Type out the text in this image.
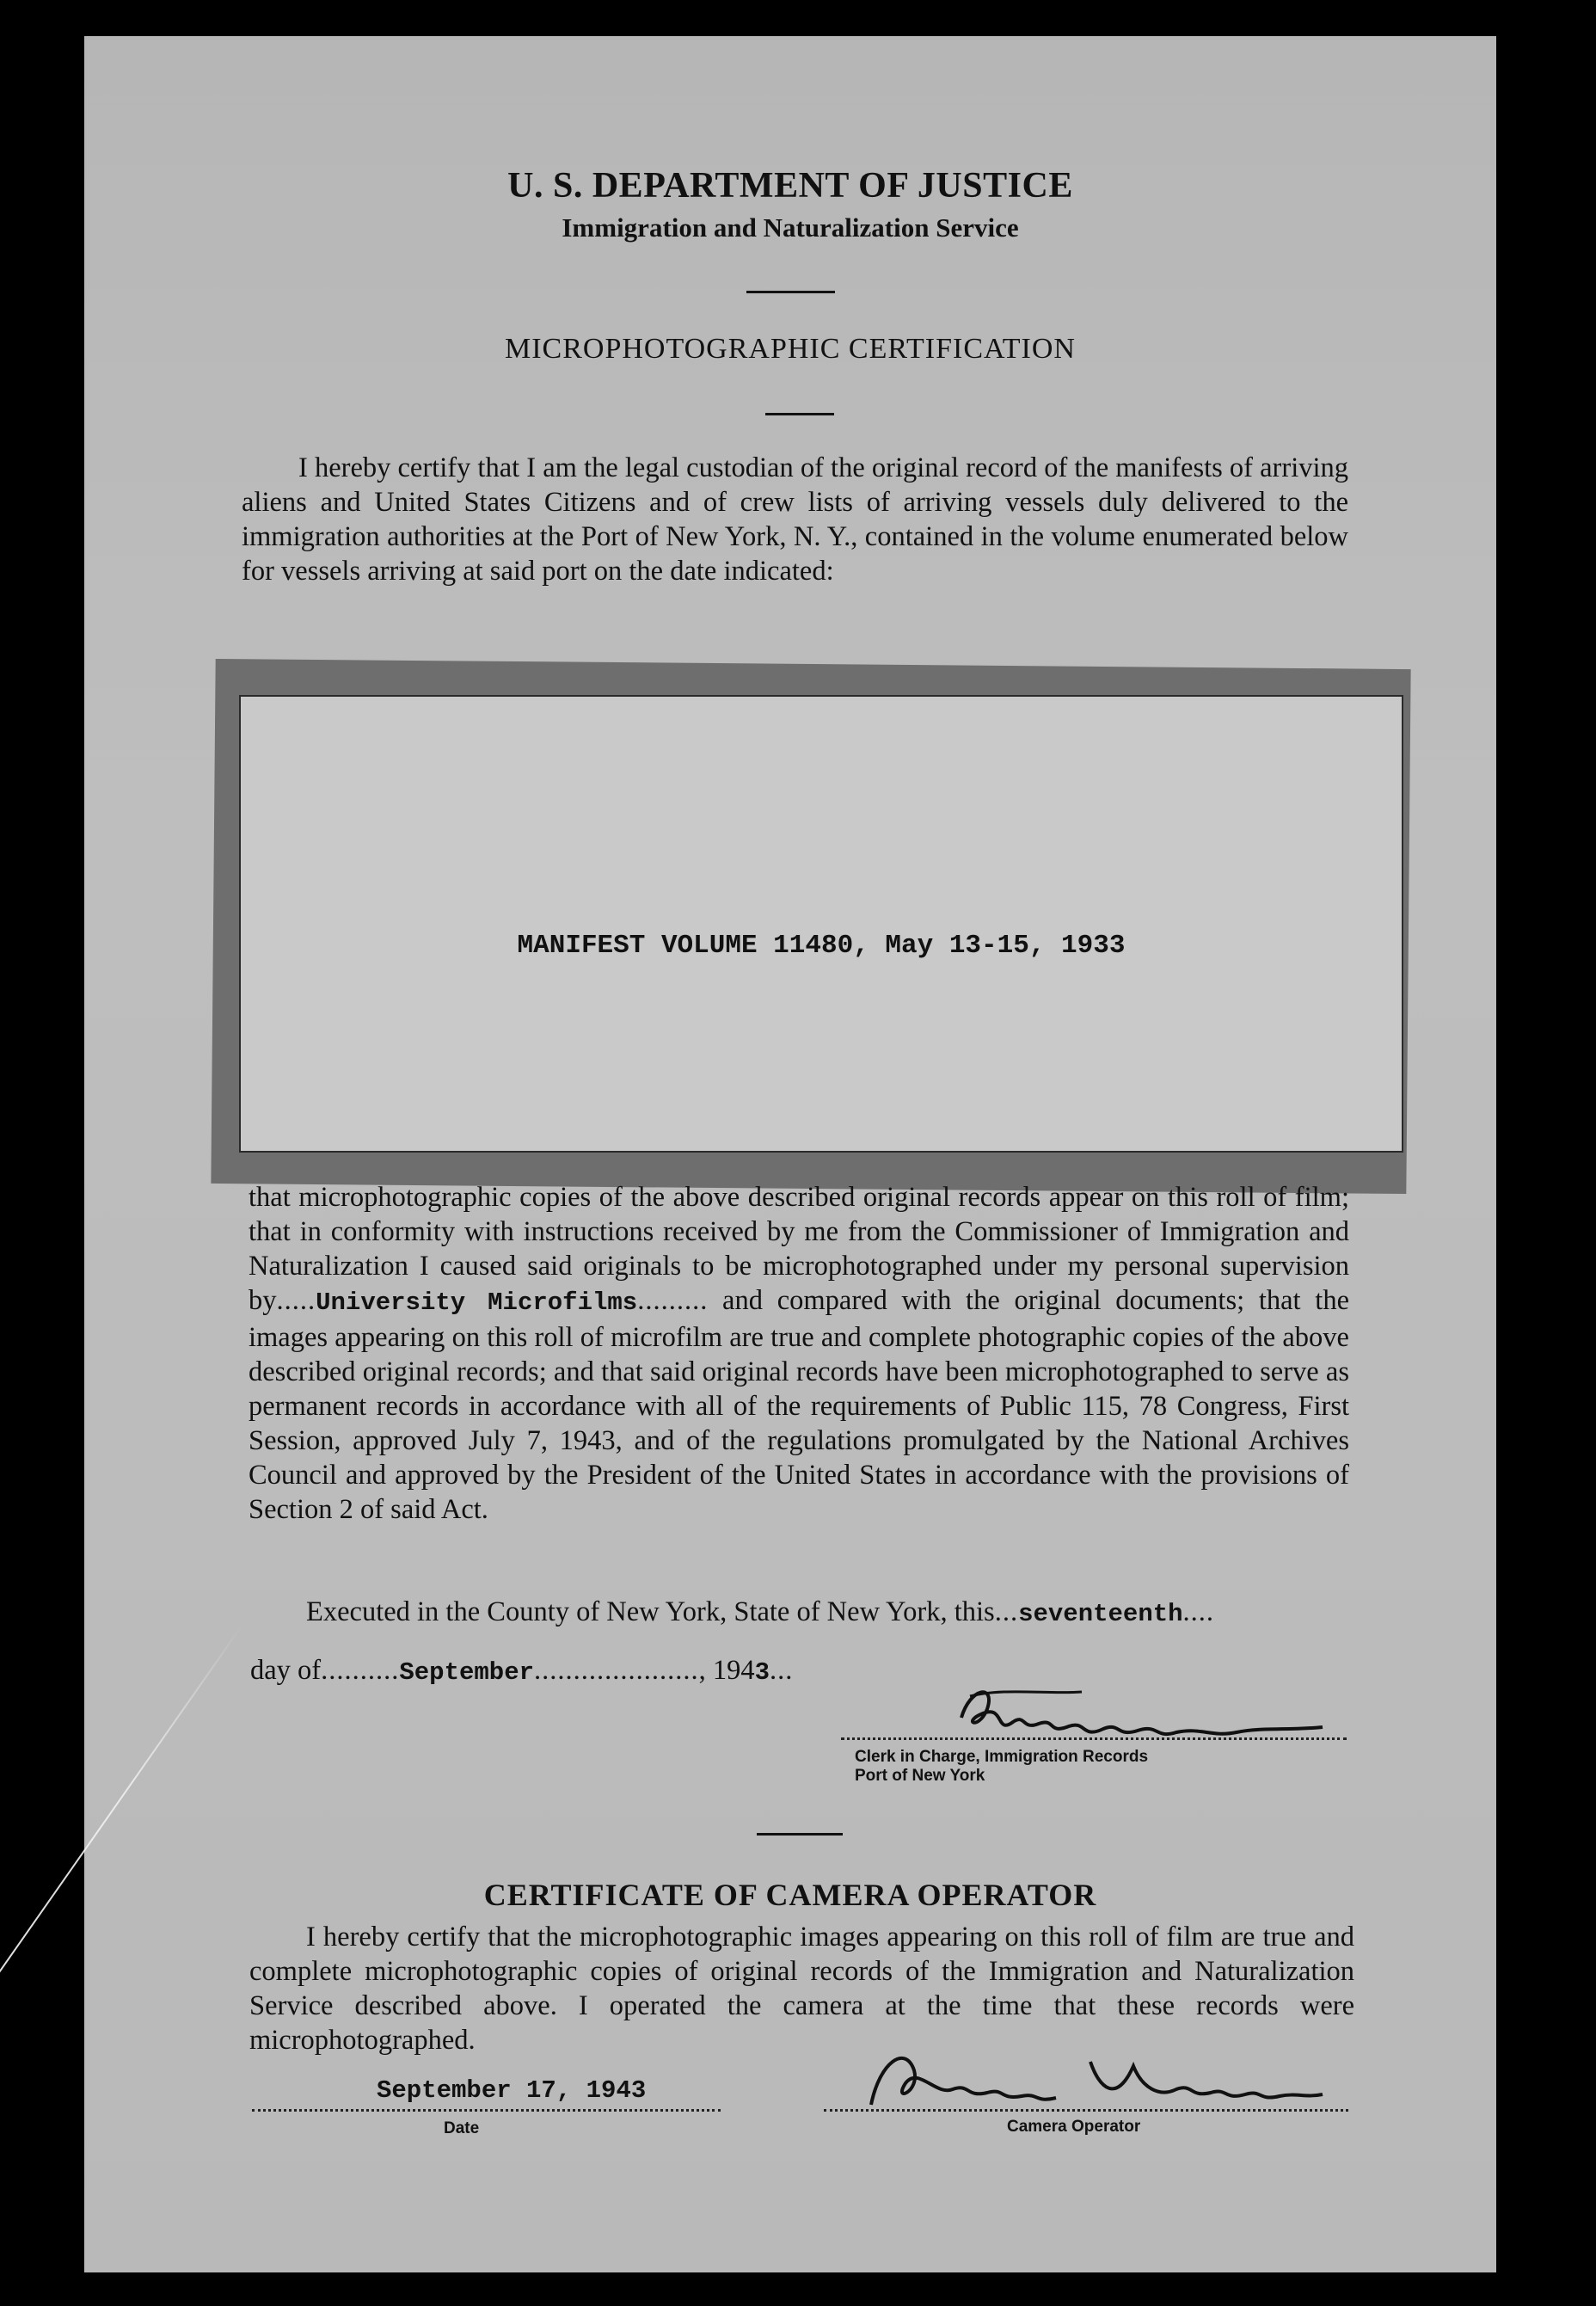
U. S. DEPARTMENT OF JUSTICE
Immigration and Naturalization Service
MICROPHOTOGRAPHIC CERTIFICATION

I hereby certify that I am the legal custodian of the original record of the manifests of arriving aliens and United States Citizens and of crew lists of arriving vessels duly delivered to the immigration authorities at the Port of New York, N. Y., contained in the volume enumerated below for vessels arriving at said port on the date indicated:

MANIFEST VOLUME 11480, May 13-15, 1933

that microphotographic copies of the above described original records appear on this roll of film; that in conformity with instructions received by me from the Commissioner of Immigration and Naturalization I caused said originals to be microphotographed under my personal supervision by.....University Microfilms......... and compared with the original documents; that the images appearing on this roll of microfilm are true and complete photographic copies of the above described original records; and that said original records have been microphotographed to serve as permanent records in accordance with all of the requirements of Public 115, 78 Congress, First Session, approved July 7, 1943, and of the regulations promulgated by the National Archives Council and approved by the President of the United States in accordance with the provisions of Section 2 of said Act.

Executed in the County of New York, State of New York, this...seventeenth....
day of..........September....................., 1943...
Clerk in Charge, Immigration Records
Port of New York
CERTIFICATE OF CAMERA OPERATOR

I hereby certify that the microphotographic images appearing on this roll of film are true and complete microphotographic copies of original records of the Immigration and Naturalization Service described above. I operated the camera at the time that these records were microphotographed.

September 17, 1943
Date	Camera Operator
